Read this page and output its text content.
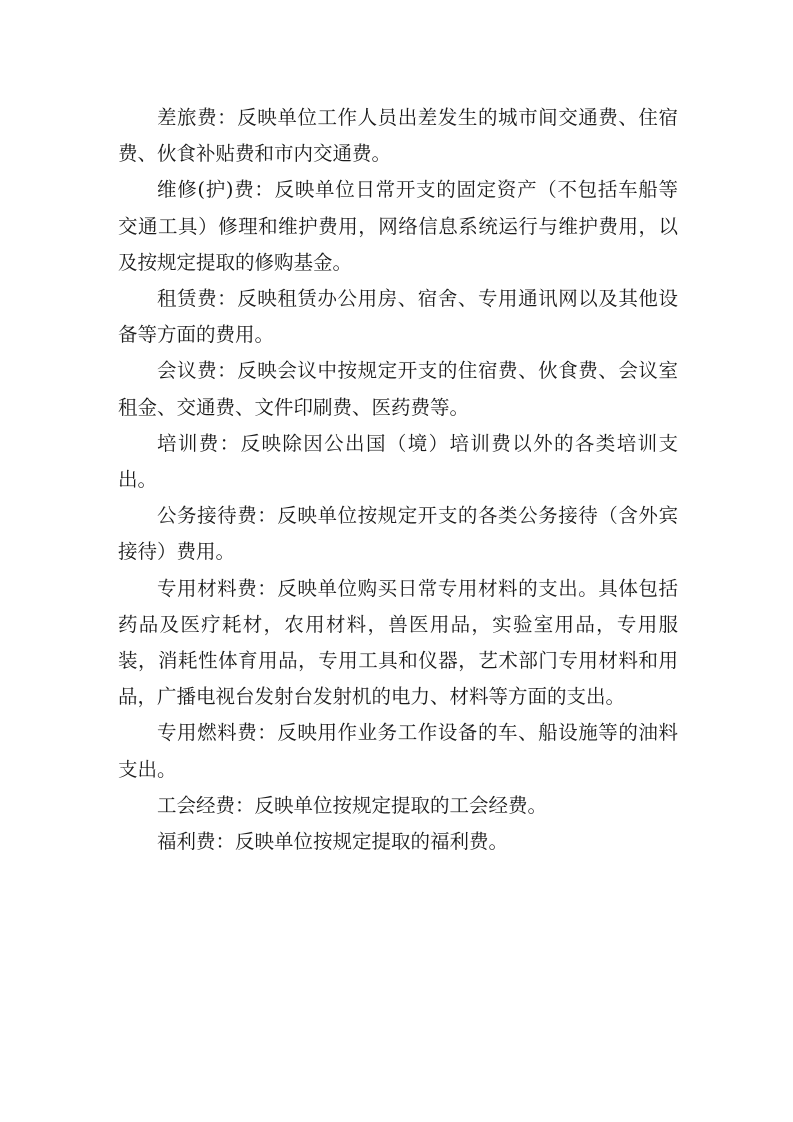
差旅费：反映单位工作人员出差发生的城市间交通费、住宿费、伙食补贴费和市内交通费。

维修(护)费：反映单位日常开支的固定资产（不包括车船等交通工具）修理和维护费用，网络信息系统运行与维护费用，以及按规定提取的修购基金。

租赁费：反映租赁办公用房、宿舍、专用通讯网以及其他设备等方面的费用。

会议费：反映会议中按规定开支的住宿费、伙食费、会议室租金、交通费、文件印刷费、医药费等。

培训费：反映除因公出国（境）培训费以外的各类培训支出。

公务接待费：反映单位按规定开支的各类公务接待（含外宾接待）费用。

专用材料费：反映单位购买日常专用材料的支出。具体包括药品及医疗耗材，农用材料，兽医用品，实验室用品，专用服装，消耗性体育用品，专用工具和仪器，艺术部门专用材料和用品，广播电视台发射台发射机的电力、材料等方面的支出。

专用燃料费：反映用作业务工作设备的车、船设施等的油料支出。

工会经费：反映单位按规定提取的工会经费。

福利费：反映单位按规定提取的福利费。
